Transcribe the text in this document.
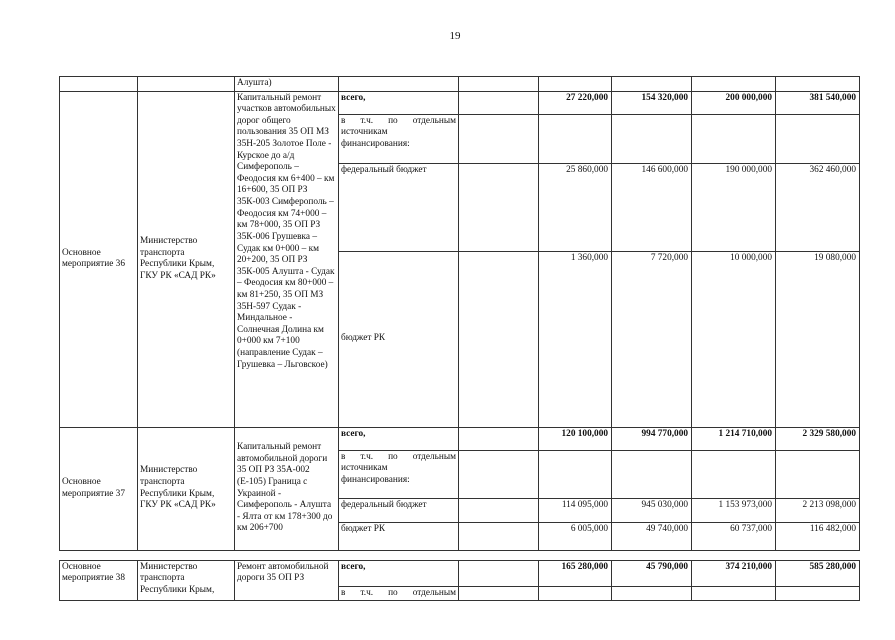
19
		Алушта)						
Основное мероприятие 36	Министерство транспорта Республики Крым, ГКУ РК «САД РК»	Капитальный ремонт участков автомобильных дорог общего пользования 35 ОП МЗ 35Н-205 Золотое Поле - Курское до а/д Симферополь – Феодосия км 6+400 – км 16+600, 35 ОП РЗ 35К-003 Симферополь – Феодосия км 74+000 – км 78+000, 35 ОП РЗ 35К-006 Грушевка – Судак км 0+000 – км 20+200, 35 ОП РЗ 35К-005 Алушта - Судак – Феодосия км 80+000 – км 81+250, 35 ОП МЗ 35Н-597 Судак - Миндальное - Солнечная Долина км 0+000 км 7+100 (направление Судак – Грушевка – Льговское)	всего,		27 220,000	154 320,000	200 000,000	381 540,000
			в т.ч. по отдельным источникам финансирования:					
			федеральный бюджет		25 860,000	146 600,000	190 000,000	362 460,000
			бюджет РК		1 360,000	7 720,000	10 000,000	19 080,000
Основное мероприятие 37	Министерство транспорта Республики Крым, ГКУ РК «САД РК»	Капитальный ремонт автомобильной дороги 35 ОП РЗ 35А-002 (Е-105) Граница с Украиной - Симферополь - Алушта - Ялта от км 178+300 до км 206+700	всего,		120 100,000	994 770,000	1 214 710,000	2 329 580,000
			в т.ч. по отдельным источникам финансирования:					
			федеральный бюджет		114 095,000	945 030,000	1 153 973,000	2 213 098,000
			бюджет РК		6 005,000	49 740,000	60 737,000	116 482,000

Основное мероприятие 38	Министерство транспорта Республики Крым,	Ремонт автомобильной дороги 35 ОП РЗ	всего,		165 280,000	45 790,000	374 210,000	585 280,000
			в т.ч. по отдельным					
